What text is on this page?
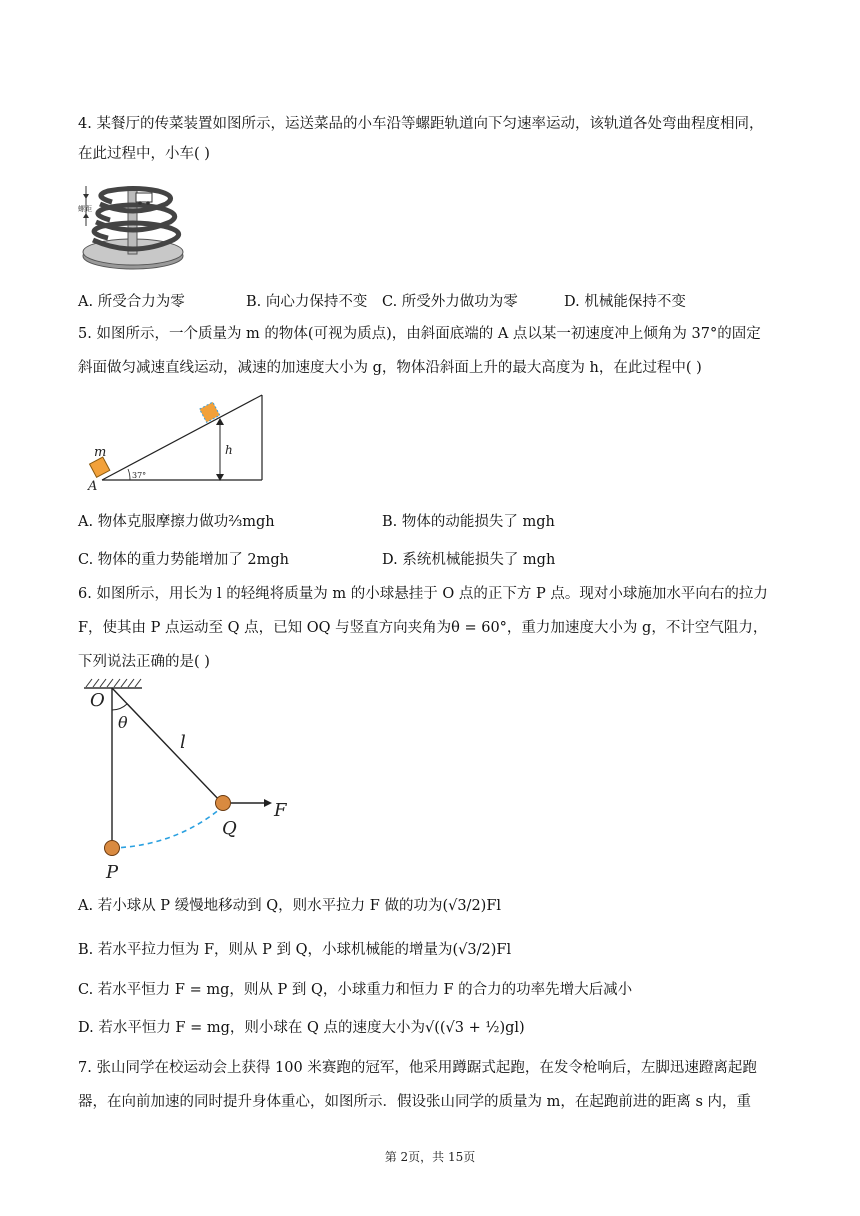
4. 某餐厅的传菜装置如图所示，运送菜品的小车沿等螺距轨道向下匀速率运动，该轨道各处弯曲程度相同，
在此过程中，小车( )
螺距
A. 所受合力为零	B. 向心力保持不变 C. 所受外力做功为零	D. 机械能保持不变
5. 如图所示，一个质量为 m 的物体(可视为质点)，由斜面底端的 A 点以某一初速度冲上倾角为 37°的固定
斜面做匀减速直线运动，减速的加速度大小为 g，物体沿斜面上升的最大高度为 h，在此过程中( )
37°
m
A
h
A. 物体克服摩擦力做功⅔mgh	B. 物体的动能损失了 mgh
C. 物体的重力势能增加了 2mgh	D. 系统机械能损失了 mgh
6. 如图所示，用长为 l 的轻绳将质量为 m 的小球悬挂于 O 点的正下方 P 点。现对小球施加水平向右的拉力
F，使其由 P 点运动至 Q 点，已知 OQ 与竖直方向夹角为θ = 60°，重力加速度大小为 g，不计空气阻力，
下列说法正确的是( )
O
θ
l
Q
F
P
A. 若小球从 P 缓慢地移动到 Q，则水平拉力 F 做的功为(√3/2)Fl
B. 若水平拉力恒为 F，则从 P 到 Q，小球机械能的增量为(√3/2)Fl
C. 若水平恒力 F = mg，则从 P 到 Q，小球重力和恒力 F 的合力的功率先增大后减小
D. 若水平恒力 F = mg，则小球在 Q 点的速度大小为√((√3 + ½)gl)
7. 张山同学在校运动会上获得 100 米赛跑的冠军，他采用蹲踞式起跑，在发令枪响后，左脚迅速蹬离起跑
器，在向前加速的同时提升身体重心，如图所示．假设张山同学的质量为 m，在起跑前进的距离 s 内，重
第 2页，共 15页
